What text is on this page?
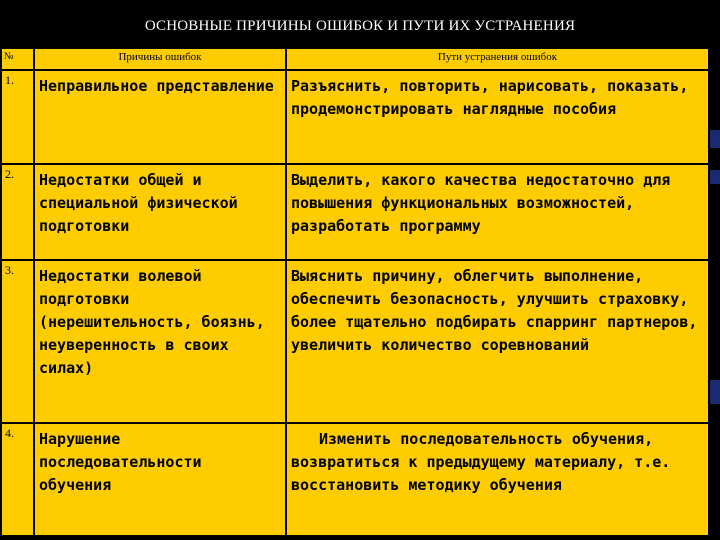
ОСНОВНЫЕ ПРИЧИНЫ ОШИБОК И ПУТИ ИХ УСТРАНЕНИЯ
№	Причины ошибок	Пути устранения ошибок
1.	Неправильное представление	Разъяснить, повторить, нарисовать, показать, продемонстрировать наглядные пособия
2.	Недостатки общей и специальной физической подготовки	Выделить, какого качества недостаточно для повышения функциональных возможностей, разработать программу
3.	Недостатки волевой подготовки (нерешительность, боязнь, неуверенность в своих силах)	Выяснить причину, облегчить выполнение, обеспечить безопасность, улучшить страховку, более тщательно подбирать спарринг партнеров, увеличить количество соревнований
4.	Нарушение последовательности обучения	Изменить последовательность обучения, возвратиться к предыдущему материалу, т.е. восстановить методику обучения
